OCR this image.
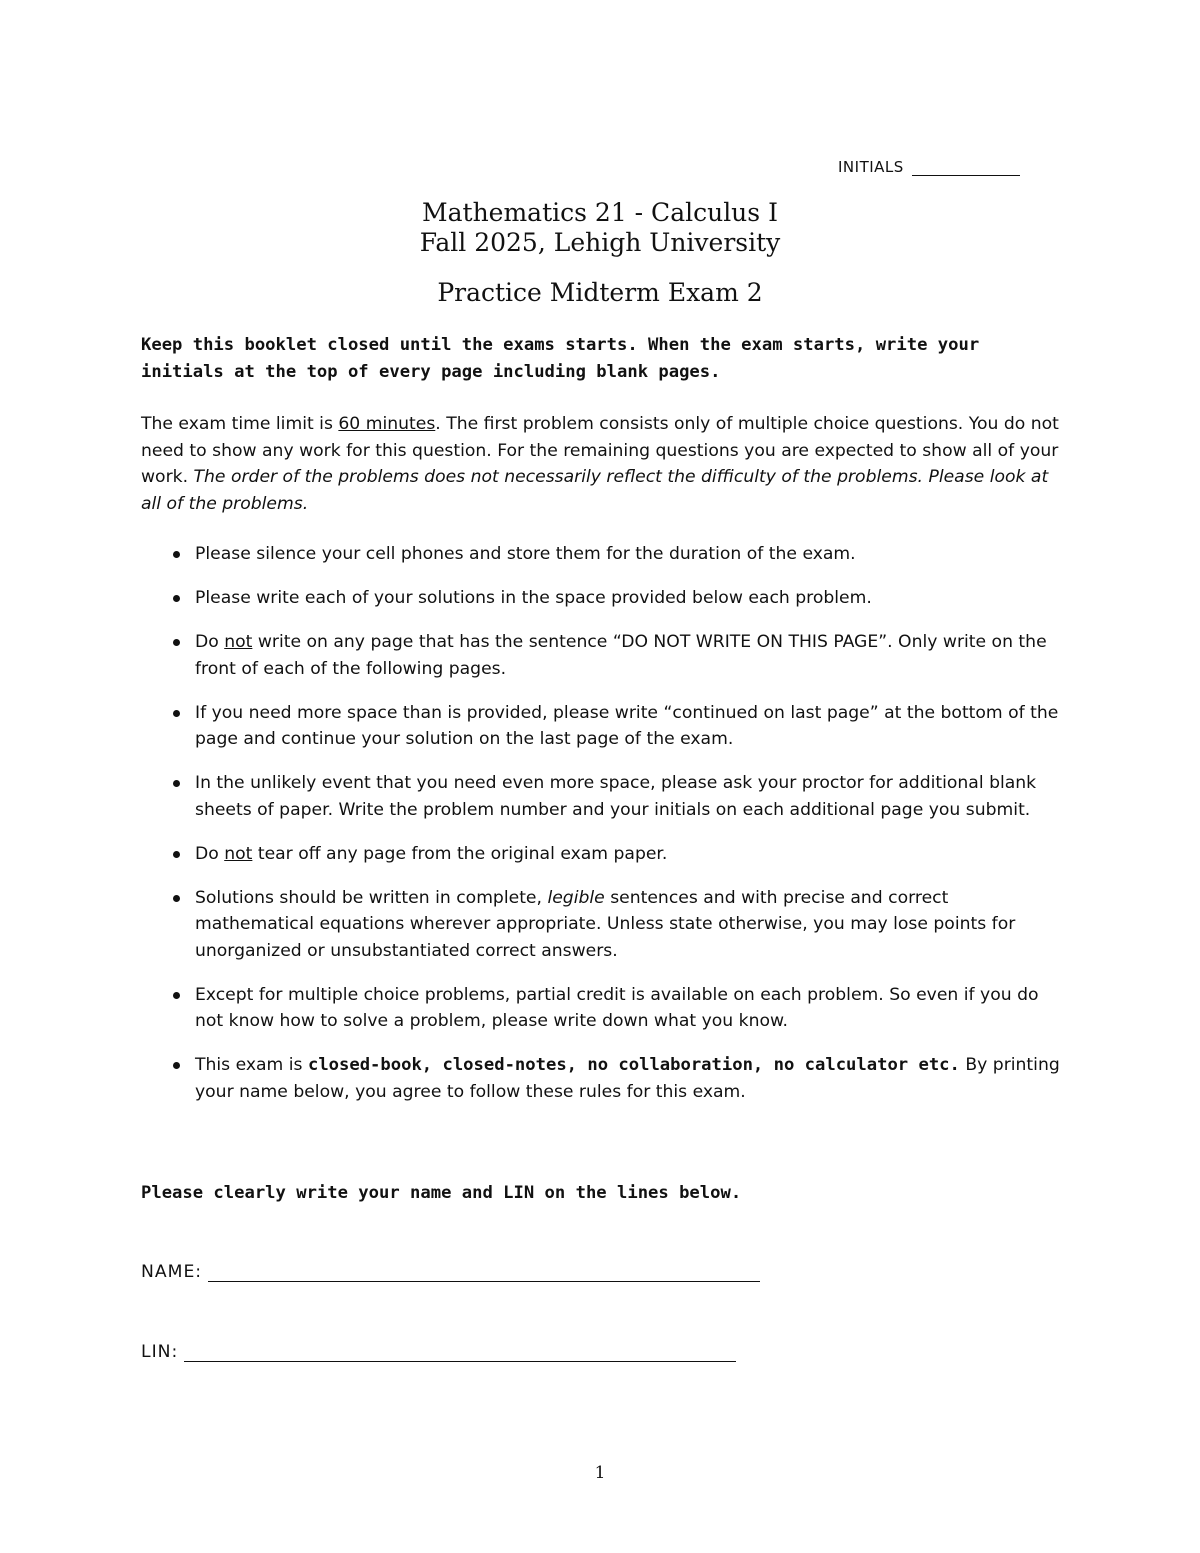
INITIALS
Mathematics 21 - Calculus I
Fall 2025, Lehigh University
Practice Midterm Exam 2
Keep this booklet closed until the exams starts. When the exam starts, write your initials at the top of every page including blank pages.
The exam time limit is 60 minutes. The first problem consists only of multiple choice questions. You do not need to show any work for this question. For the remaining questions you are expected to show all of your work. The order of the problems does not necessarily reflect the difficulty of the problems. Please look at all of the problems.
Please silence your cell phones and store them for the duration of the exam.
Please write each of your solutions in the space provided below each problem.
Do not write on any page that has the sentence “DO NOT WRITE ON THIS PAGE”. Only write on the front of each of the following pages.
If you need more space than is provided, please write “continued on last page” at the bottom of the page and continue your solution on the last page of the exam.
In the unlikely event that you need even more space, please ask your proctor for additional blank sheets of paper. Write the problem number and your initials on each additional page you submit.
Do not tear off any page from the original exam paper.
Solutions should be written in complete, legible sentences and with precise and correct mathematical equations wherever appropriate. Unless state otherwise, you may lose points for unorganized or unsubstantiated correct answers.
Except for multiple choice problems, partial credit is available on each problem. So even if you do not know how to solve a problem, please write down what you know.
This exam is closed-book, closed-notes, no collaboration, no calculator etc. By printing your name below, you agree to follow these rules for this exam.
Please clearly write your name and LIN on the lines below.
NAME:
LIN:
1
